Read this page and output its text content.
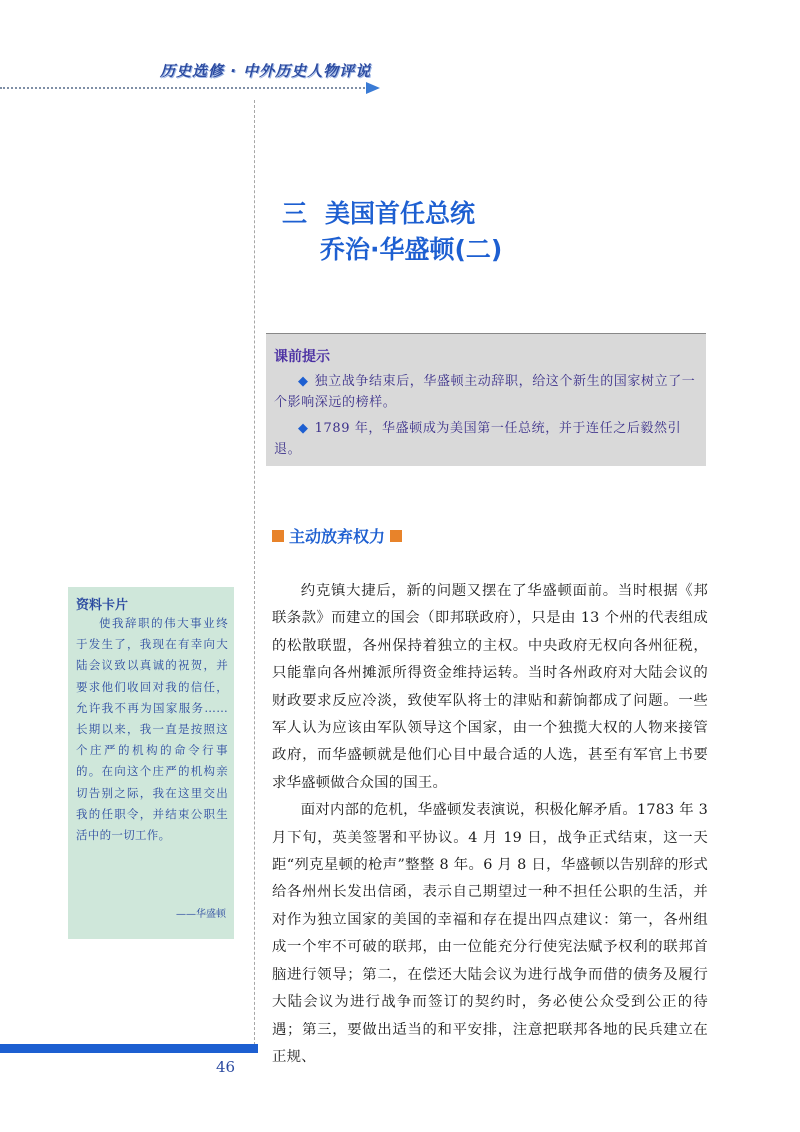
历史选修 · 中外历史人物评说
三 美国首任总统
乔治·华盛顿(二)
课前提示
◆ 独立战争结束后，华盛顿主动辞职，给这个新生的国家树立了一个影响深远的榜样。
◆ 1789 年，华盛顿成为美国第一任总统，并于连任之后毅然引退。
主动放弃权力
资料卡片
使我辞职的伟大事业终于发生了，我现在有幸向大陆会议致以真诚的祝贺，并要求他们收回对我的信任，允许我不再为国家服务……长期以来，我一直是按照这个庄严的机构的命令行事的。在向这个庄严的机构亲切告别之际，我在这里交出我的任职令，并结束公职生活中的一切工作。
——华盛顿

约克镇大捷后，新的问题又摆在了华盛顿面前。当时根据《邦联条款》而建立的国会（即邦联政府），只是由 13 个州的代表组成的松散联盟，各州保持着独立的主权。中央政府无权向各州征税，只能靠向各州摊派所得资金维持运转。当时各州政府对大陆会议的财政要求反应冷淡，致使军队将士的津贴和薪饷都成了问题。一些军人认为应该由军队领导这个国家，由一个独揽大权的人物来接管政府，而华盛顿就是他们心目中最合适的人选，甚至有军官上书要求华盛顿做合众国的国王。

面对内部的危机，华盛顿发表演说，积极化解矛盾。1783 年 3 月下旬，英美签署和平协议。4 月 19 日，战争正式结束，这一天距“列克星顿的枪声”整整 8 年。6 月 8 日，华盛顿以告别辞的形式给各州州长发出信函，表示自己期望过一种不担任公职的生活，并对作为独立国家的美国的幸福和存在提出四点建议：第一，各州组成一个牢不可破的联邦，由一位能充分行使宪法赋予权利的联邦首脑进行领导；第二，在偿还大陆会议为进行战争而借的债务及履行大陆会议为进行战争而签订的契约时，务必使公众受到公正的待遇；第三，要做出适当的和平安排，注意把联邦各地的民兵建立在正规、

46
